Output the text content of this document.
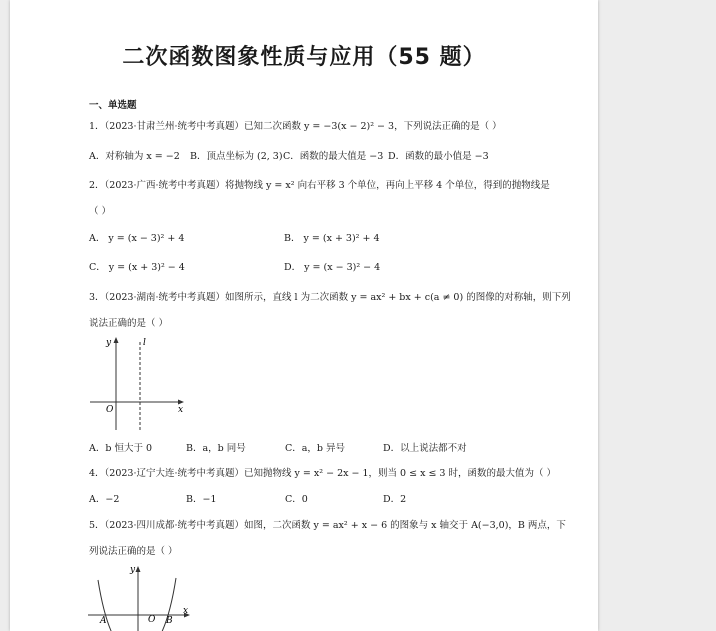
二次函数图象性质与应用（55 题）
一、单选题
1．（2023·甘肃兰州·统考中考真题）已知二次函数 y = −3(x − 2)² − 3，下列说法正确的是（ ）
A．对称轴为 x = −2 B．顶点坐标为 (2, 3) C．函数的最大值是 −3 D．函数的最小值是 −3
2．（2023·广西·统考中考真题）将抛物线 y = x² 向右平移 3 个单位，再向上平移 4 个单位，得到的抛物线是
（ ）
A． y = (x − 3)² + 4	B． y = (x + 3)² + 4
C． y = (x + 3)² − 4	D． y = (x − 3)² − 4
3．（2023·湖南·统考中考真题）如图所示，直线 l 为二次函数 y = ax² + bx + c(a ≠ 0) 的图像的对称轴，则下列
说法正确的是（ ）
y	l
O	x
A．b 恒大于 0	B．a，b 同号	C．a，b 异号	D．以上说法都不对
4．（2023·辽宁大连·统考中考真题）已知抛物线 y = x² − 2x − 1，则当 0 ≤ x ≤ 3 时，函数的最大值为（ ）
A．−2	B．−1	C．0	D．2
5．（2023·四川成都·统考中考真题）如图，二次函数 y = ax² + x − 6 的图象与 x 轴交于 A(−3,0)，B 两点，下
列说法正确的是（ ）
y
O
x
A	B
